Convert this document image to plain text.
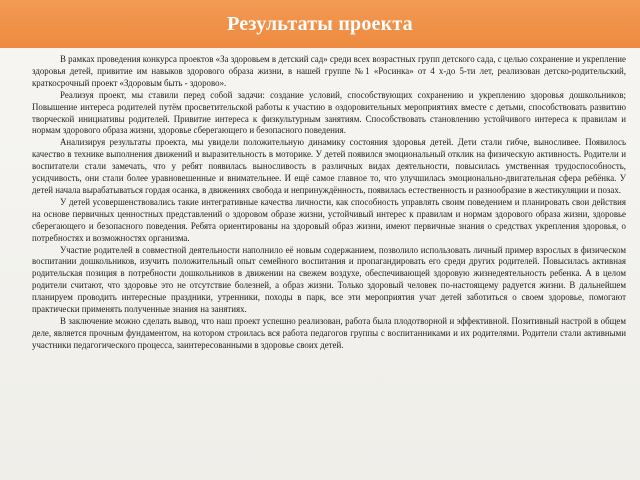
Результаты проекта

В рамках проведения конкурса проектов «За здоровьем в детский сад» среди всех возрастных групп детского сада, с целью сохранение и укрепление здоровья детей, привитие им навыков здорового образа жизни, в нашей группе №1 «Росинка» от 4 х-до 5-ти лет, реализован детско-родительский, краткосрочный проект «Здоровым быть - здорово».

Реализуя проект, мы ставили перед собой задачи: создание условий, способствующих сохранению и укреплению здоровья дошкольников; Повышение интереса родителей путём просветительской работы к участию в оздоровительных мероприятиях вместе с детьми, способствовать развитию творческой инициативы родителей. Привитие интереса к физкультурным занятиям. Способствовать становлению устойчивого интереса к правилам и нормам здорового образа жизни, здоровье сберегающего и безопасного поведения.

Анализируя результаты проекта, мы увидели положительную динамику состояния здоровья детей. Дети стали гибче, выносливее. Появилось качество в технике выполнения движений и выразительность в моторике. У детей появился эмоциональный отклик на физическую активность. Родители и воспитатели стали замечать, что у ребят появилась выносливость в различных видах деятельности, повысилась умственная трудоспособность, усидчивость, они стали более уравновешенные и внимательнее. И ещё самое главное то, что улучшилась эмоционально-двигательная сфера ребёнка. У детей начала вырабатываться гордая осанка, в движениях свобода и непринуждённость, появилась естественность и разнообразие в жестикуляции и позах.

У детей усовершенствовались такие интегративные качества личности, как способность управлять своим поведением и планировать свои действия на основе первичных ценностных представлений о здоровом образе жизни, устойчивый интерес к правилам и нормам здорового образа жизни, здоровье сберегающего и безопасного поведения. Ребята ориентированы на здоровый образ жизни, имеют первичные знания о средствах укрепления здоровья, о потребностях и возможностях организма.

Участие родителей в совместной деятельности наполнило её новым содержанием, позволило использовать личный пример взрослых в физическом воспитании дошкольников, изучить положительный опыт семейного воспитания и пропагандировать его среди других родителей. Повысилась активная родительская позиция в потребности дошкольников в движении на свежем воздухе, обеспечивающей здоровую жизнедеятельность ребенка. А в целом родители считают, что здоровье это не отсутствие болезней, а образ жизни. Только здоровый человек по-настоящему радуется жизни. В дальнейшем планируем проводить интересные праздники, утренники, походы в парк, все эти мероприятия учат детей заботиться о своем здоровье, помогают практически применять полученные знания на занятиях.

В заключение можно сделать вывод, что наш проект успешно реализован, работа была плодотворной и эффективной. Позитивный настрой в общем деле, является прочным фундаментом, на котором строилась вся работа педагогов группы с воспитанниками и их родителями. Родители стали активными участники педагогического процесса, заинтересованными в здоровье своих детей.
